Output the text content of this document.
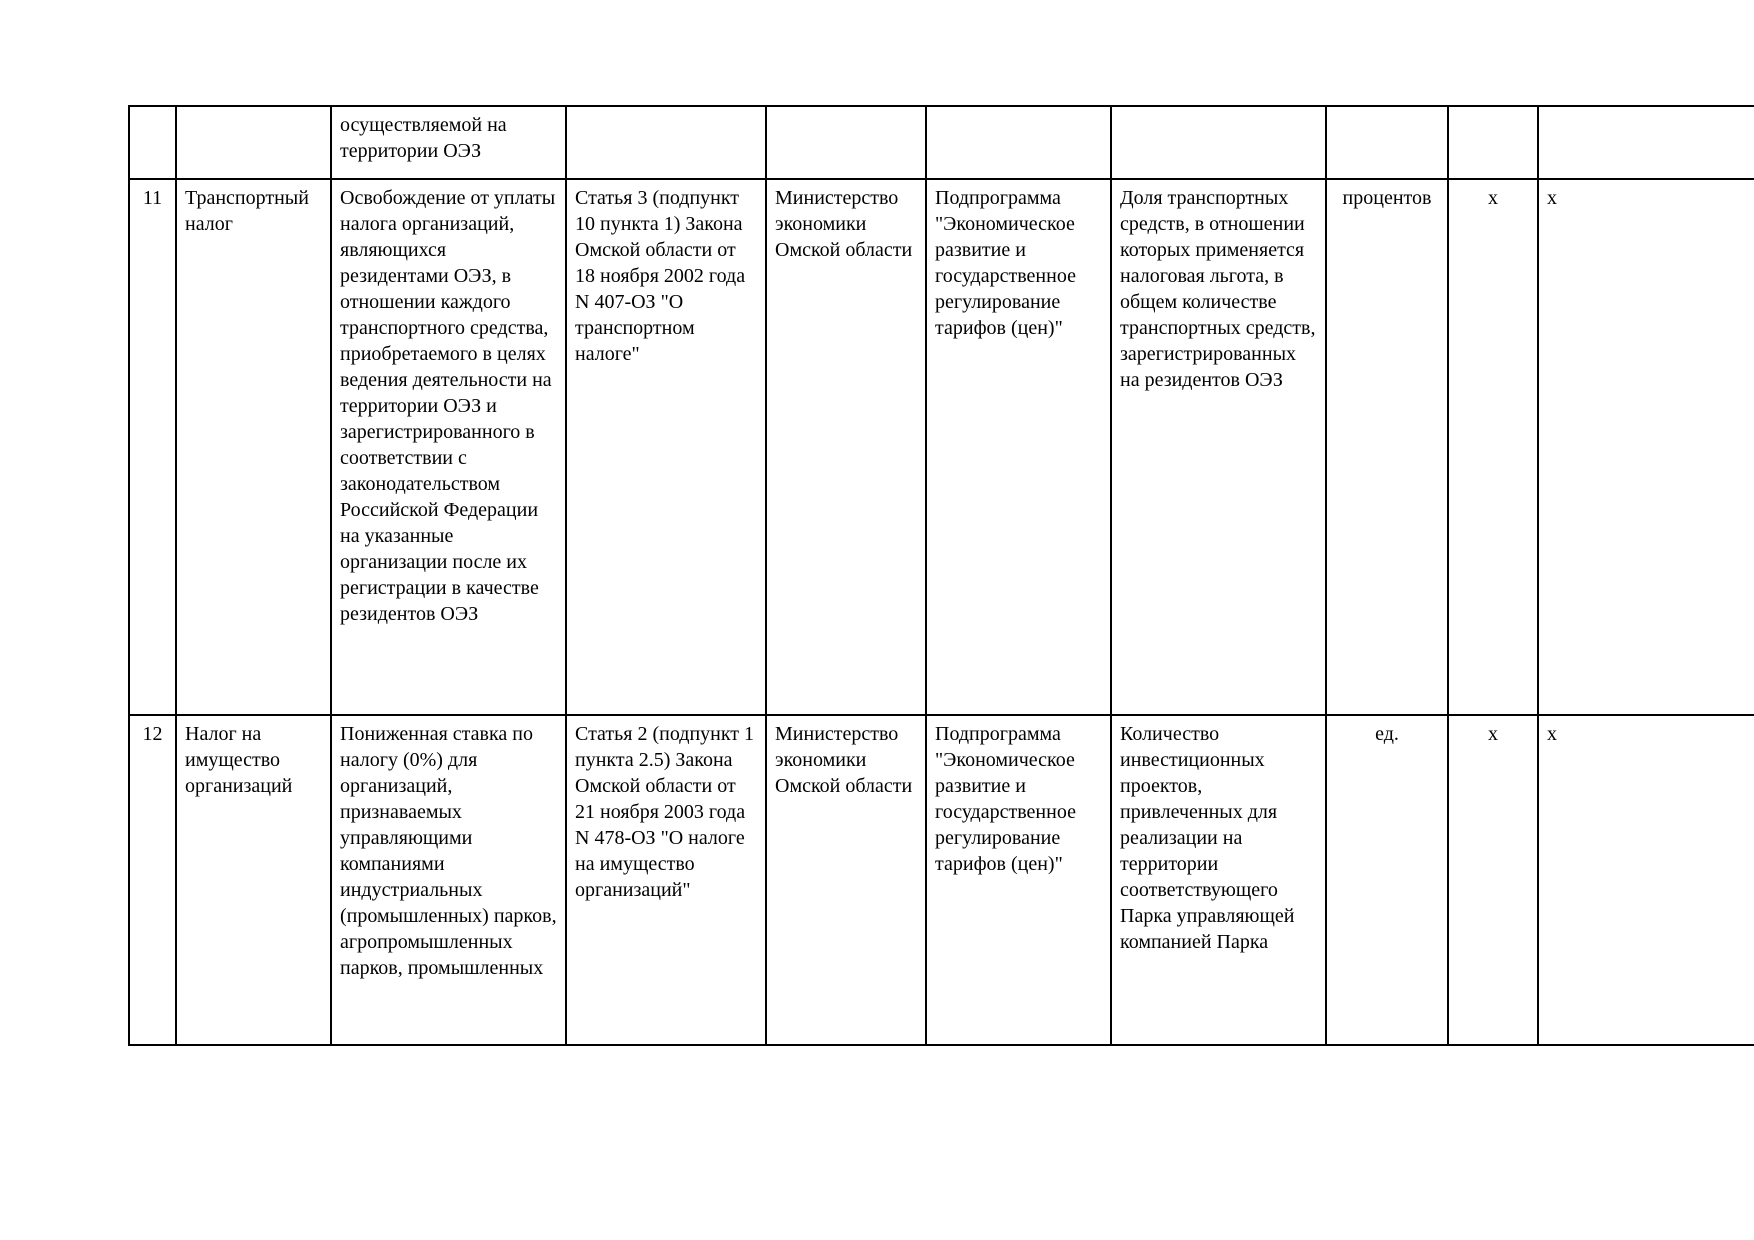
		осуществляемой на территории ОЭЗ							
11	Транспортный налог	Освобождение от уплаты налога организаций, являющихся резидентами ОЭЗ, в отношении каждого транспортного средства, приобретаемого в целях ведения деятельности на территории ОЭЗ и зарегистрированного в соответствии с законодательством Российской Федерации на указанные организации после их регистрации в качестве резидентов ОЭЗ	Статья 3 (подпункт 10 пункта 1) Закона Омской области от 18 ноября 2002 года N 407-ОЗ "О транспортном налоге"	Министерство экономики Омской области	Подпрограмма "Экономическое развитие и государственное регулирование тарифов (цен)"	Доля транспортных средств, в отношении которых применяется налоговая льгота, в общем количестве транспортных средств, зарегистрированных на резидентов ОЭЗ	процентов	х	х
12	Налог на имущество организаций	Пониженная ставка по налогу (0%) для организаций, признаваемых управляющими компаниями индустриальных (промышленных) парков, агропромышленных парков, промышленных	Статья 2 (подпункт 1 пункта 2.5) Закона Омской области от 21 ноября 2003 года N 478-ОЗ "О налоге на имущество организаций"	Министерство экономики Омской области	Подпрограмма "Экономическое развитие и государственное регулирование тарифов (цен)"	Количество инвестиционных проектов, привлеченных для реализации на территории соответствующего Парка управляющей компанией Парка	ед.	х	х
